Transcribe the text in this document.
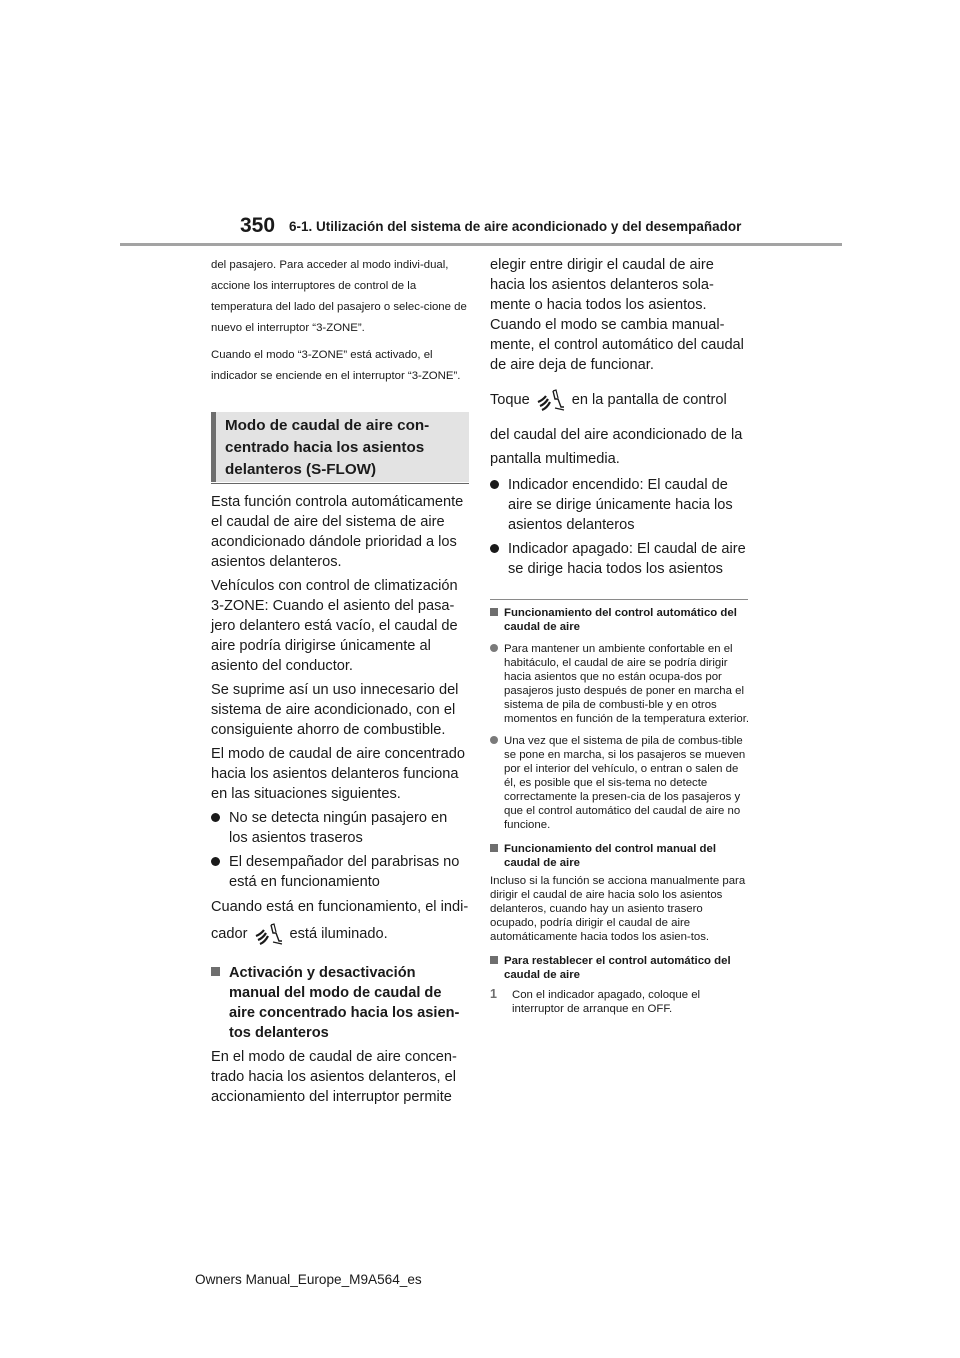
350 6-1. Utilización del sistema de aire acondicionado y del desempañador

del pasajero. Para acceder al modo indivi-dual, accione los interruptores de control de la temperatura del lado del pasajero o selec-cione de nuevo el interruptor “3-ZONE”.

Cuando el modo “3-ZONE” está activado, el indicador se enciende en el interruptor “3-ZONE”.

Modo de caudal de aire con-centrado hacia los asientos delanteros (S-FLOW)

Esta función controla automáticamente el caudal de aire del sistema de aire acondicionado dándole prioridad a los asientos delanteros.

Vehículos con control de climatización 3-ZONE: Cuando el asiento del pasa-jero delantero está vacío, el caudal de aire podría dirigirse únicamente al asiento del conductor.

Se suprime así un uso innecesario del sistema de aire acondicionado, con el consiguiente ahorro de combustible.

El modo de caudal de aire concentrado hacia los asientos delanteros funciona en las situaciones siguientes.

No se detecta ningún pasajero en los asientos traseros

El desempañador del parabrisas no está en funcionamiento

Cuando está en funcionamiento, el indi-

cador	está iluminado.

Activación y desactivación manual del modo de caudal de aire concentrado hacia los asien-tos delanteros

En el modo de caudal de aire concen-trado hacia los asientos delanteros, el accionamiento del interruptor permite

elegir entre dirigir el caudal de aire hacia los asientos delanteros sola-mente o hacia todos los asientos. Cuando el modo se cambia manual-mente, el control automático del caudal de aire deja de funcionar.

Toque	en la pantalla de control

del caudal del aire acondicionado de la pantalla multimedia.

Indicador encendido: El caudal de aire se dirige únicamente hacia los asientos delanteros

Indicador apagado: El caudal de aire se dirige hacia todos los asientos

Funcionamiento del control automático del caudal de aire

Para mantener un ambiente confortable en el habitáculo, el caudal de aire se podría dirigir hacia asientos que no están ocupa-dos por pasajeros justo después de poner en marcha el sistema de pila de combusti-ble y en otros momentos en función de la temperatura exterior.

Una vez que el sistema de pila de combus-tible se pone en marcha, si los pasajeros se mueven por el interior del vehículo, o entran o salen de él, es posible que el sis-tema no detecte correctamente la presen-cia de los pasajeros y que el control automático del caudal de aire no funcione.

Funcionamiento del control manual del caudal de aire

Incluso si la función se acciona manualmente para dirigir el caudal de aire hacia solo los asientos delanteros, cuando hay un asiento trasero ocupado, podría dirigir el caudal de aire automáticamente hacia todos los asien-tos.

Para restablecer el control automático del caudal de aire

1 Con el indicador apagado, coloque el interruptor de arranque en OFF.

Owners Manual_Europe_M9A564_es
